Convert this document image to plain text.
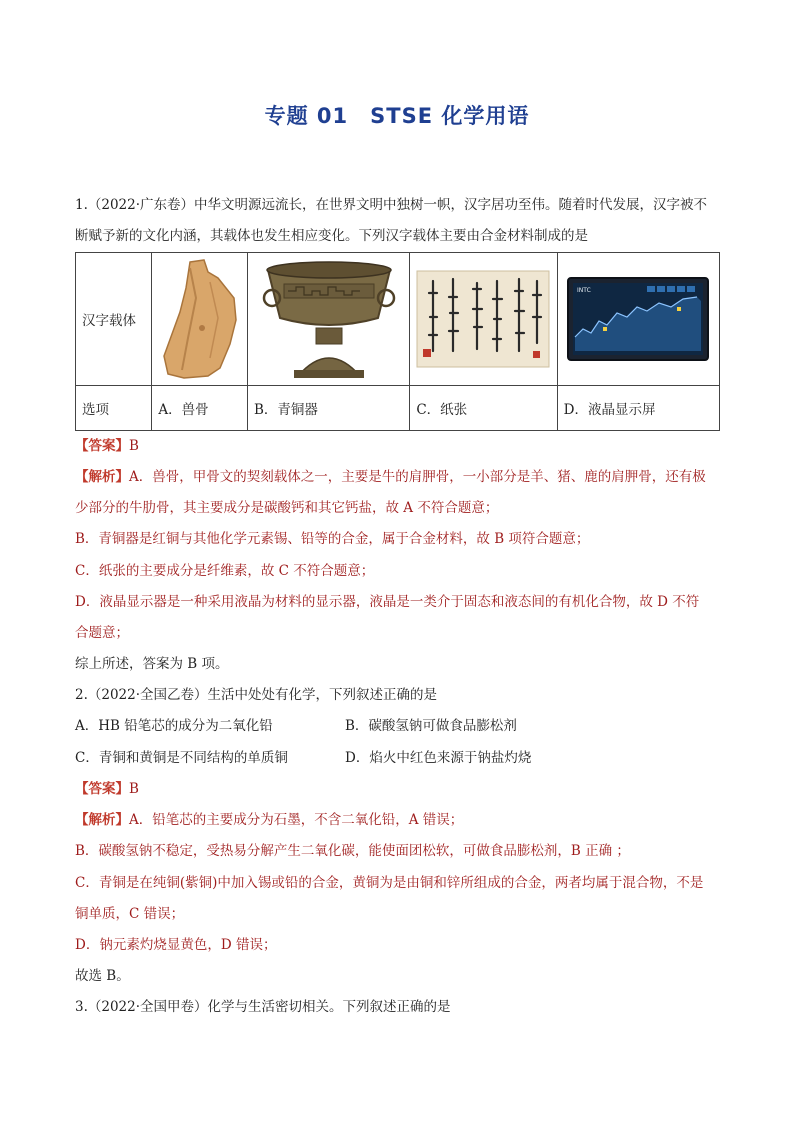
专题 01　STSE 化学用语
1.（2022·广东卷）中华文明源远流长，在世界文明中独树一帜，汉字居功至伟。随着时代发展，汉字被不
断赋予新的文化内涵，其载体也发生相应变化。下列汉字载体主要由合金材料制成的是
汉字载体				INTC

选项	A．兽骨	B．青铜器	C．纸张	D．液晶显示屏
【答案】B
【解析】A．兽骨，甲骨文的契刻载体之一，主要是牛的肩胛骨，一小部分是羊、猪、鹿的肩胛骨，还有极
少部分的牛肋骨，其主要成分是碳酸钙和其它钙盐，故 A 不符合题意；
B．青铜器是红铜与其他化学元素锡、铅等的合金，属于合金材料，故 B 项符合题意；
C．纸张的主要成分是纤维素，故 C 不符合题意；
D．液晶显示器是一种采用液晶为材料的显示器，液晶是一类介于固态和液态间的有机化合物，故 D 不符
合题意；
综上所述，答案为 B 项。
2.（2022·全国乙卷）生活中处处有化学，下列叙述正确的是
A．HB 铅笔芯的成分为二氧化铅	B．碳酸氢钠可做食品膨松剂
C．青铜和黄铜是不同结构的单质铜	D．焰火中红色来源于钠盐灼烧
【答案】B
【解析】A．铅笔芯的主要成分为石墨，不含二氧化铅，A 错误；
B．碳酸氢钠不稳定，受热易分解产生二氧化碳，能使面团松软，可做食品膨松剂，B 正确 ；
C．青铜是在纯铜(紫铜)中加入锡或铅的合金，黄铜为是由铜和锌所组成的合金，两者均属于混合物，不是
铜单质，C 错误；
D．钠元素灼烧显黄色，D 错误；
故选 B。
3.（2022·全国甲卷）化学与生活密切相关。下列叙述正确的是
